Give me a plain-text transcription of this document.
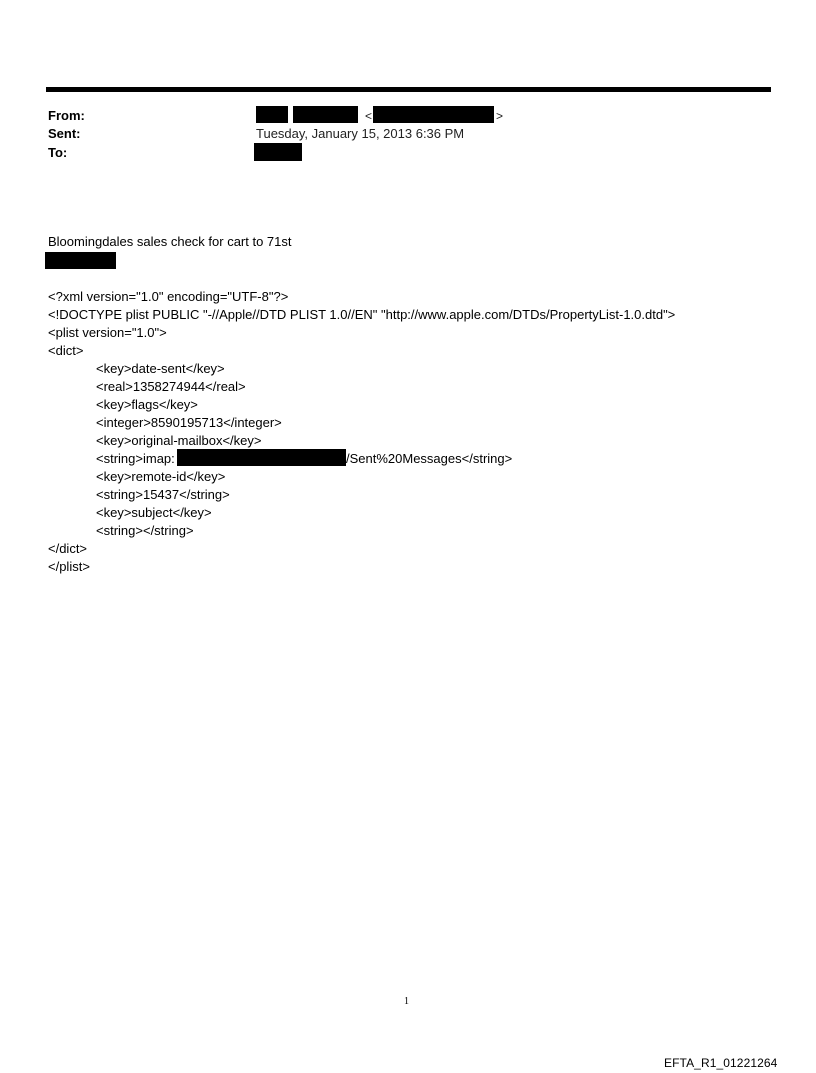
From:
Sent:
To:
<	>
Tuesday, January 15, 2013 6:36 PM
Bloomingdales sales check for cart to 71st
<?xml version="1.0" encoding="UTF-8"?>
<!DOCTYPE plist PUBLIC "-//Apple//DTD PLIST 1.0//EN" "http://www.apple.com/DTDs/PropertyList-1.0.dtd">
<plist version="1.0">
<dict>
<key>date-sent</key>
<real>1358274944</real>
<key>flags</key>
<integer>8590195713</integer>
<key>original-mailbox</key>
<string>imap:	/Sent%20Messages</string>
<key>remote-id</key>
<string>15437</string>
<key>subject</key>
<string></string>
</dict>
</plist>
1
EFTA_R1_01221264
